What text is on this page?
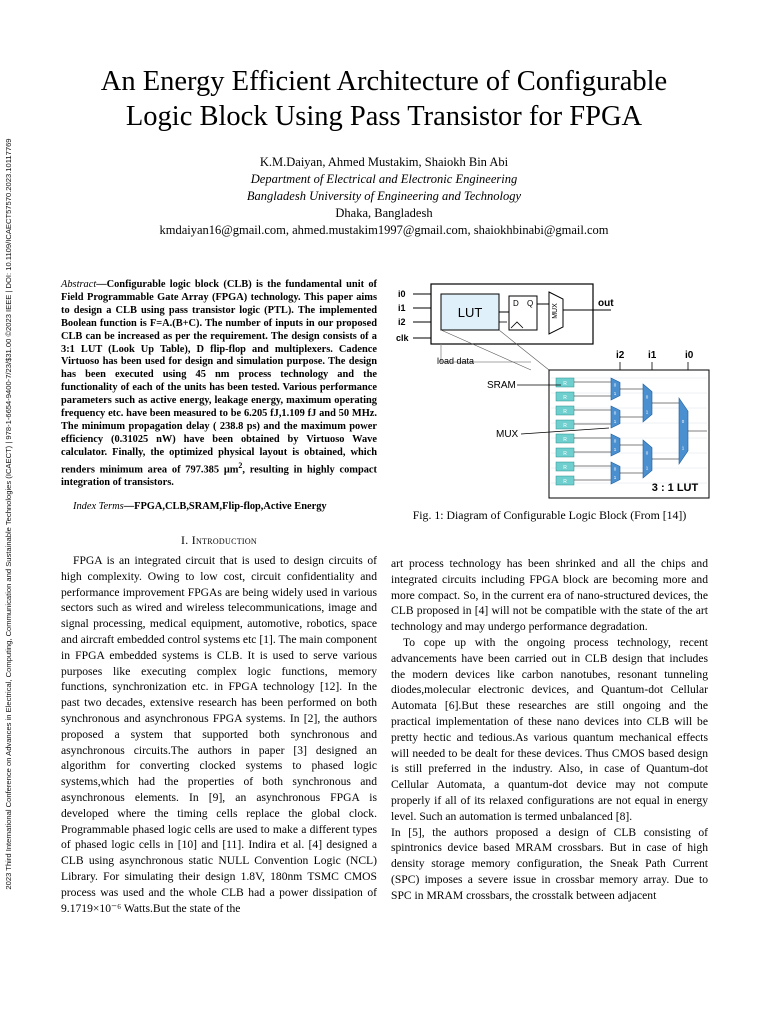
2023 Third International Conference on Advances in Electrical, Computing, Communication and Sustainable Technologies (ICAECT) | 978-1-6654-9400-7/23/$31.00 ©2023 IEEE | DOI: 10.1109/ICAECT57570.2023.10117769
An Energy Efficient Architecture of Configurable
Logic Block Using Pass Transistor for FPGA
K.M.Daiyan, Ahmed Mustakim, Shaiokh Bin Abi
Department of Electrical and Electronic Engineering
Bangladesh University of Engineering and Technology
Dhaka, Bangladesh
kmdaiyan16@gmail.com, ahmed.mustakim1997@gmail.com, shaiokhbinabi@gmail.com
Abstract—Configurable logic block (CLB) is the fundamental unit of Field Programmable Gate Array (FPGA) technology. This paper aims to design a CLB using pass transistor logic (PTL). The implemented Boolean function is F=A.(B+C). The number of inputs in our proposed CLB can be increased as per the requirement. The design consists of a 3:1 LUT (Look Up Table), D flip-flop and multiplexers. Cadence Virtuoso has been used for design and simulation purpose. The design has been executed using 45 nm process technology and the functionality of each of the units has been tested. Various performance parameters such as active energy, leakage energy, maximum operating frequency etc. have been measured to be 6.205 fJ,1.109 fJ and 50 MHz. The minimum propagation delay ( 238.8 ps) and the maximum power efficiency (0.31025 nW) have been obtained by Virtuoso Wave calculator. Finally, the optimized physical layout is obtained, which renders minimum area of 797.385 $\mu m^2$, resulting in highly compact integration of transistors.
Index Terms—FPGA,CLB,SRAM,Flip-flop,Active Energy
I. Introduction

FPGA is an integrated circuit that is used to design circuits of high complexity. Owing to low cost, circuit confidentiality and performance improvement FPGAs are being widely used in various sectors such as wired and wireless telecommunications, image and signal processing, medical equipment, automotive, robotics, space and aircraft embedded control systems etc [1]. The main component in FPGA embedded systems is CLB. It is used to serve various purposes like executing complex logic functions, memory functions, synchronization etc. in FPGA technology [12]. In the past two decades, extensive research has been performed on both synchronous and asynchronous FPGA systems. In [2], the authors proposed a system that supported both synchronous and asynchronous circuits.The authors in paper [3] designed an algorithm for converting clocked systems to phased logic systems,which had the properties of both synchronous and asynchronous elements. In [9], an asynchronous FPGA is developed where the timing cells replace the global clock. Programmable phased logic cells are used to make a different types of phased logic cells in [10] and [11]. Indira et al. [4] designed a CLB using asynchronous static NULL Convention Logic (NCL) Library. For simulating their design 1.8V, 180nm TSMC CMOS process was used and the whole CLB had a power dissipation of 9.1719×10⁻⁶ Watts.But the state of the

i0
i1
i2
clk
LUT
D Q	MUX	out
load data
R
R
R
R
R
R
R
R
0
1
0
1
0
1
0
1
0
1
0
1
0
1
i2 i1	i0
SRAM
MUX
3 : 1 LUT
Fig. 1: Diagram of Configurable Logic Block (From [14])

art process technology has been shrinked and all the chips and integrated circuits including FPGA block are becoming more and more compact. So, in the current era of nano-structured devices, the CLB proposed in [4] will not be compatible with the state of the art technology and may undergo performance degradation.

To cope up with the ongoing process technology, recent advancements have been carried out in CLB design that includes the modern devices like carbon nanotubes, resonant tunneling diodes,molecular electronic devices, and Quantum-dot Cellular Automata [6].But these researches are still ongoing and the practical implementation of these nano devices into CLB will be pretty hectic and tedious.As various quantum mechanical effects will needed to be dealt for these devices. Thus CMOS based design is still preferred in the industry. Also, in case of Quantum-dot Cellular Automata, a quantum-dot device may not compute properly if all of its relaxed configurations are not equal in energy level. Such an automation is termed unbalanced [8].

In [5], the authors proposed a design of CLB consisting of spintronics device based MRAM crossbars. But in case of high density storage memory configuration, the Sneak Path Current (SPC) imposes a severe issue in crossbar memory array. Due to SPC in MRAM crossbars, the crosstalk between adjacent
